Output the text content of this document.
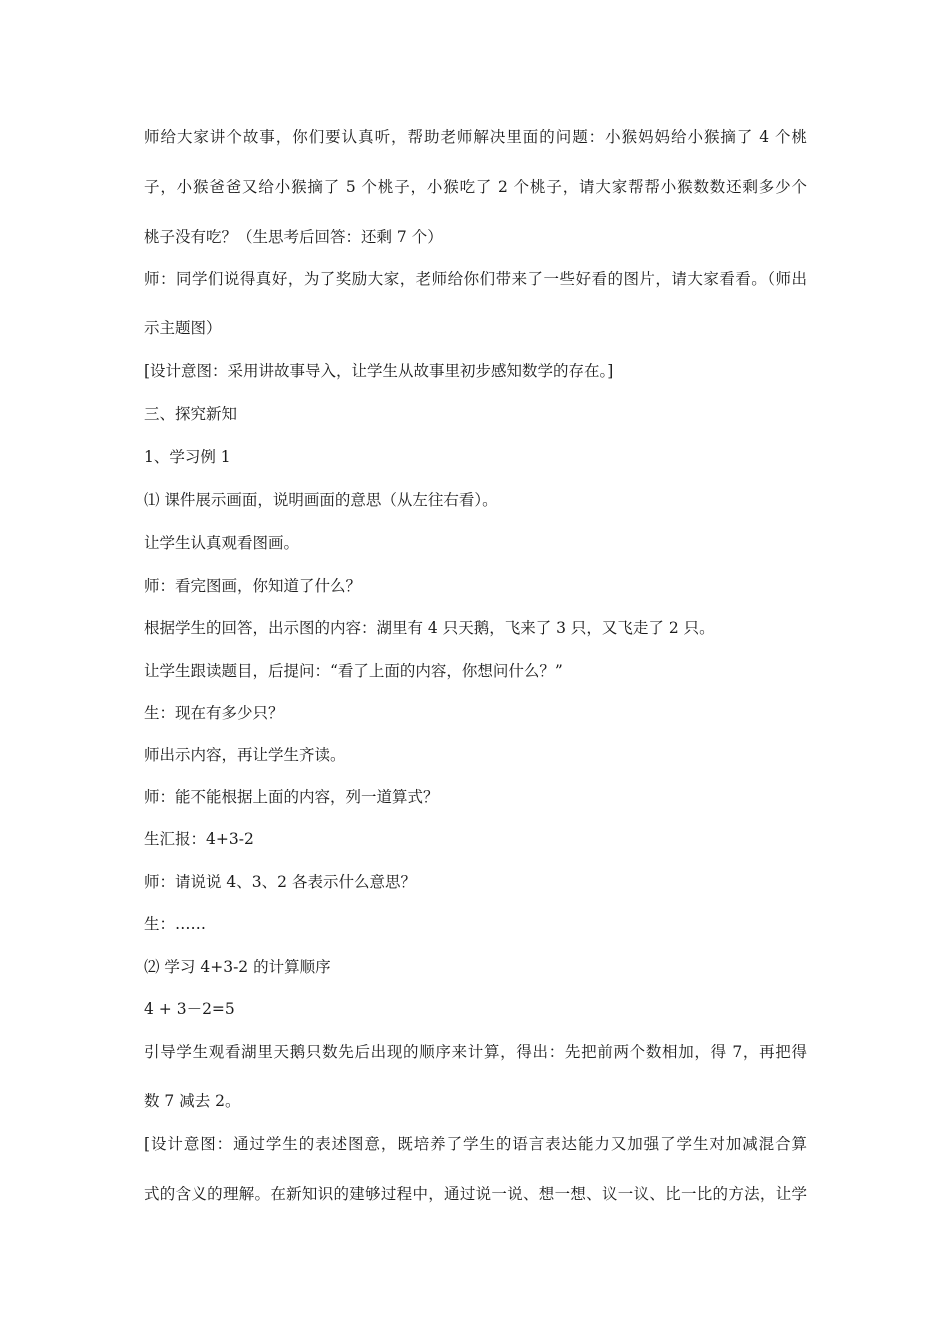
师给大家讲个故事，你们要认真听，帮助老师解决里面的问题：小猴妈妈给小猴摘了 4 个桃
子，小猴爸爸又给小猴摘了 5 个桃子，小猴吃了 2 个桃子，请大家帮帮小猴数数还剩多少个
桃子没有吃？（生思考后回答：还剩 7 个）
师：同学们说得真好，为了奖励大家，老师给你们带来了一些好看的图片，请大家看看。（师出
示主题图）
[设计意图：采用讲故事导入，让学生从故事里初步感知数学的存在。]
三、探究新知
1、学习例 1
⑴ 课件展示画面，说明画面的意思（从左往右看）。
让学生认真观看图画。
师：看完图画，你知道了什么？
根据学生的回答，出示图的内容：湖里有 4 只天鹅，飞来了 3 只，又飞走了 2 只。
让学生跟读题目，后提问：“看了上面的内容，你想问什么？”
生：现在有多少只？
师出示内容，再让学生齐读。
师：能不能根据上面的内容，列一道算式？
生汇报：4+3-2
师：请说说 4、3、2 各表示什么意思？
生：……
⑵ 学习 4+3-2 的计算顺序
4 + 3－2=5
引导学生观看湖里天鹅只数先后出现的顺序来计算，得出：先把前两个数相加，得 7，再把得
数 7 减去 2。
[设计意图：通过学生的表述图意，既培养了学生的语言表达能力又加强了学生对加减混合算
式的含义的理解。在新知识的建够过程中，通过说一说、想一想、议一议、比一比的方法，让学
